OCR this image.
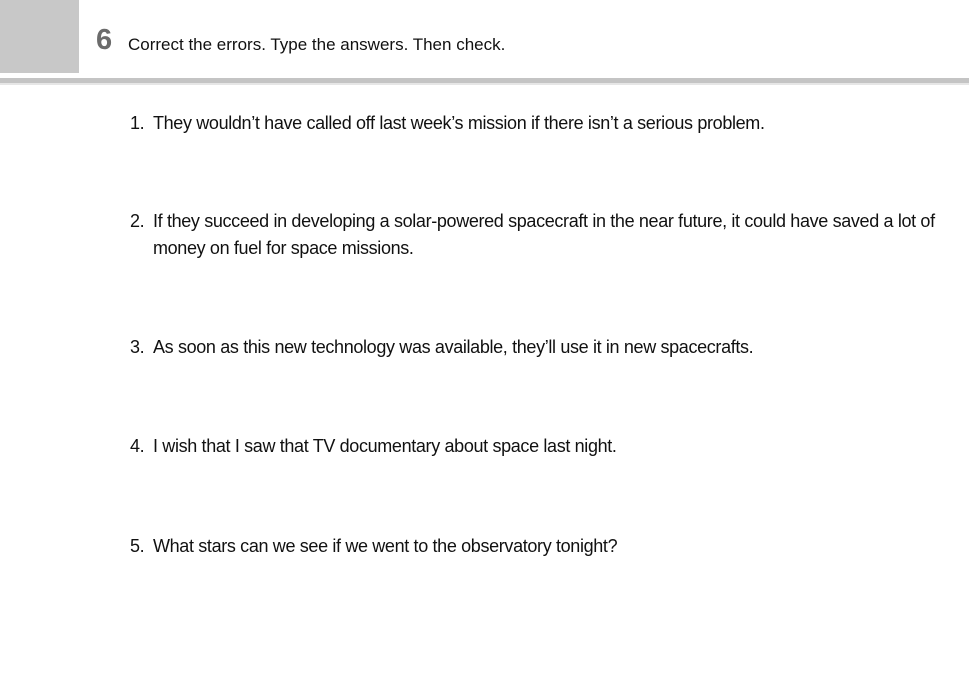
6 Correct the errors. Type the answers. Then check.
1. They wouldn’t have called off last week’s mission if there isn’t a serious problem.
2. If they succeed in developing a solar-powered spacecraft in the near future, it could have saved a lot of money on fuel for space missions.
3. As soon as this new technology was available, they’ll use it in new spacecrafts.
4. I wish that I saw that TV documentary about space last night.
5. What stars can we see if we went to the observatory tonight?
